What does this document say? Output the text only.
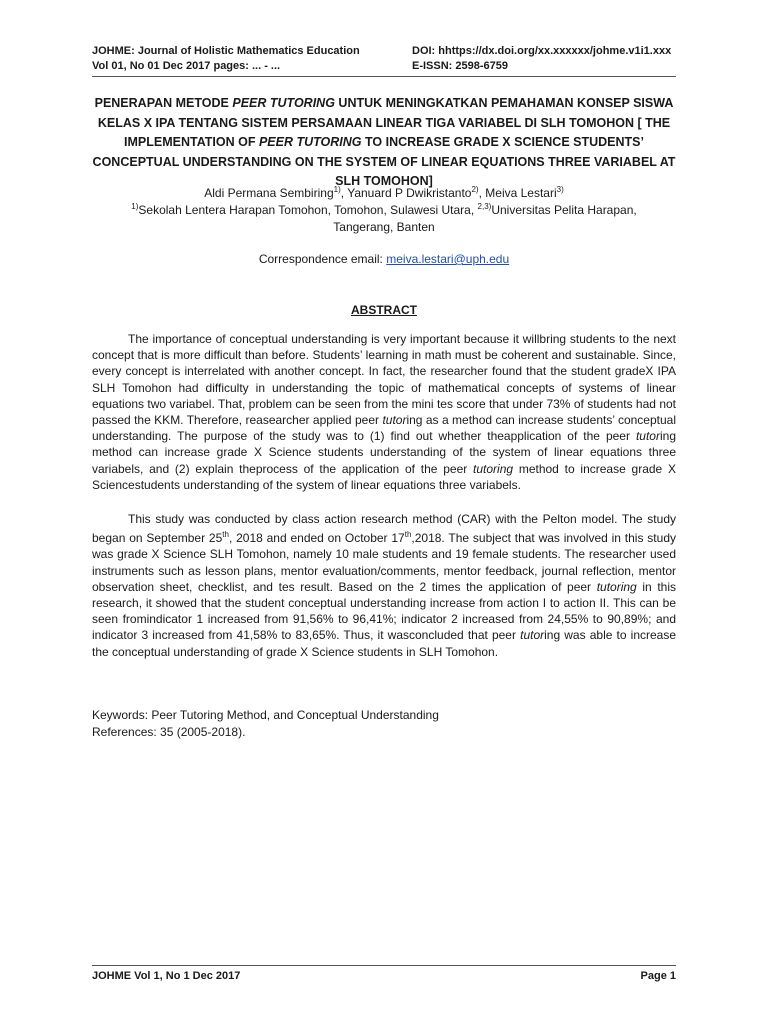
JOHME: Journal of Holistic Mathematics Education
Vol 01, No 01 Dec 2017 pages: ... - ...
DOI: hhttps://dx.doi.org/xx.xxxxxx/johme.v1i1.xxx
E-ISSN: 2598-6759
PENERAPAN METODE PEER TUTORING UNTUK MENINGKATKAN PEMAHAMAN KONSEP SISWA KELAS X IPA TENTANG SISTEM PERSAMAAN LINEAR TIGA VARIABEL DI SLH TOMOHON [ THE IMPLEMENTATION OF PEER TUTORING TO INCREASE GRADE X SCIENCE STUDENTS’ CONCEPTUAL UNDERSTANDING ON THE SYSTEM OF LINEAR EQUATIONS THREE VARIABEL AT SLH TOMOHON]
Aldi Permana Sembiring$^{1)}$, Yanuard P Dwikristanto$^{2)}$, Meiva Lestari$^{3)}$
$^{1)}$Sekolah Lentera Harapan Tomohon, Tomohon, Sulawesi Utara, $^{2,3)}$Universitas Pelita Harapan,
Tangerang, Banten
Correspondence email: meiva.lestari@uph.edu
ABSTRACT
The importance of conceptual understanding is very important because it willbring students to the next concept that is more difficult than before. Students’ learning in math must be coherent and sustainable. Since, every concept is interrelated with another concept. In fact, the researcher found that the student gradeX IPA SLH Tomohon had difficulty in understanding the topic of mathematical concepts of systems of linear equations two variabel. That, problem can be seen from the mini tes score that under 73% of students had not passed the KKM. Therefore, reasearcher applied peer tutoring as a method can increase students’ conceptual understanding. The purpose of the study was to (1) find out whether theapplication of the peer tutoring method can increase grade X Science students understanding of the system of linear equations three variabels, and (2) explain theprocess of the application of the peer tutoring method to increase grade X Sciencestudents understanding of the system of linear equations three variabels.
This study was conducted by class action research method (CAR) with the Pelton model. The study began on September 25th, 2018 and ended on October 17th,2018. The subject that was involved in this study was grade X Science SLH Tomohon, namely 10 male students and 19 female students. The researcher used instruments such as lesson plans, mentor evaluation/comments, mentor feedback, journal reflection, mentor observation sheet, checklist, and tes result. Based on the 2 times the application of peer tutoring in this research, it showed that the student conceptual understanding increase from action I to action II. This can be seen fromindicator 1 increased from 91,56% to 96,41%; indicator 2 increased from 24,55% to 90,89%; and indicator 3 increased from 41,58% to 83,65%. Thus, it wasconcluded that peer tutoring was able to increase the conceptual understanding of grade X Science students in SLH Tomohon.
Keywords: Peer Tutoring Method, and Conceptual Understanding
References: 35 (2005-2018).
JOHME Vol 1, No 1 Dec 2017	Page 1
